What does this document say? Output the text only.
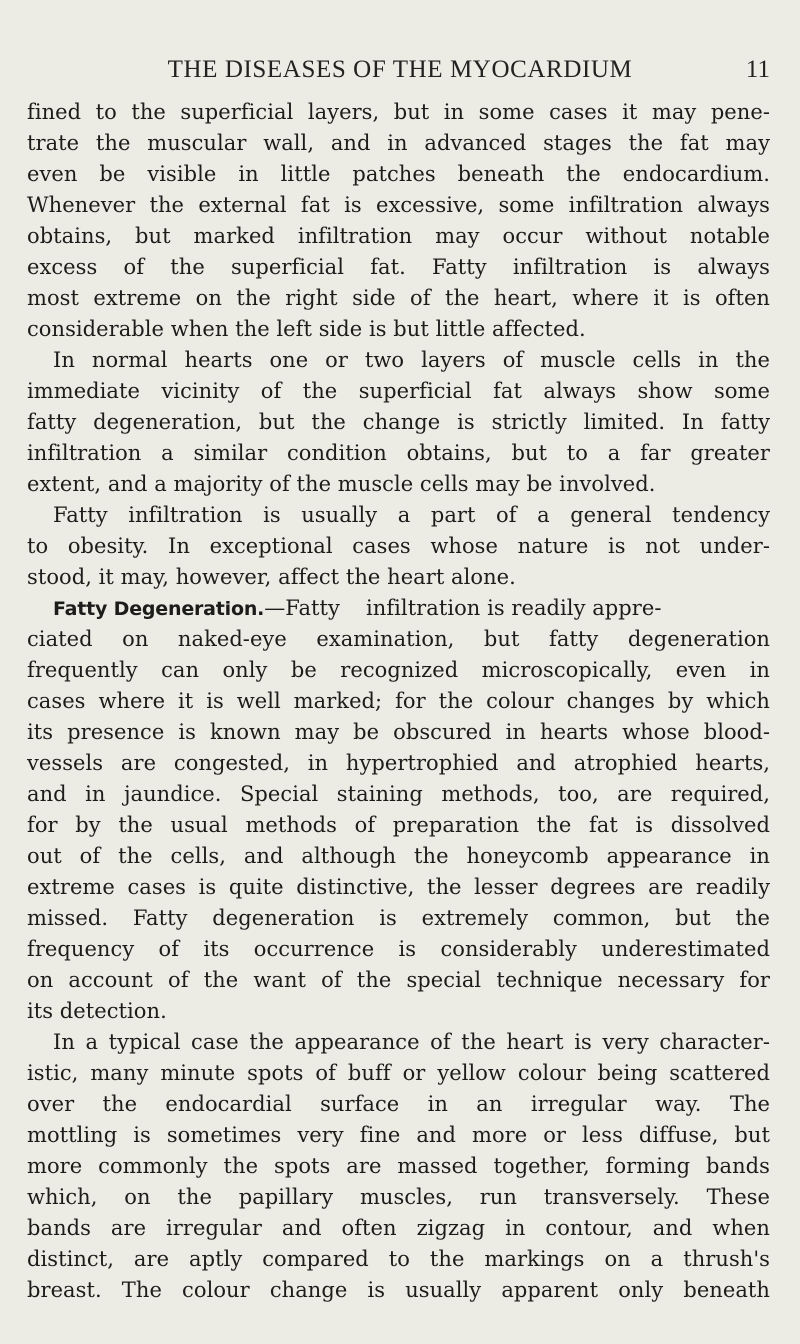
THE DISEASES OF THE MYOCARDIUM	11
fined to the superficial layers, but in some cases it may pene-
trate the muscular wall, and in advanced stages the fat may
even be visible in little patches beneath the endocardium.
Whenever the external fat is excessive, some infiltration always
obtains, but marked infiltration may occur without notable
excess of the superficial fat. Fatty infiltration is always
most extreme on the right side of the heart, where it is often
considerable when the left side is but little affected.
In normal hearts one or two layers of muscle cells in the
immediate vicinity of the superficial fat always show some
fatty degeneration, but the change is strictly limited. In fatty
infiltration a similar condition obtains, but to a far greater
extent, and a majority of the muscle cells may be involved.
Fatty infiltration is usually a part of a general tendency
to obesity. In exceptional cases whose nature is not under-
stood, it may, however, affect the heart alone.
Fatty Degeneration.—Fatty infiltration is readily appre-
ciated on naked-eye examination, but fatty degeneration
frequently can only be recognized microscopically, even in
cases where it is well marked; for the colour changes by which
its presence is known may be obscured in hearts whose blood-
vessels are congested, in hypertrophied and atrophied hearts,
and in jaundice. Special staining methods, too, are required,
for by the usual methods of preparation the fat is dissolved
out of the cells, and although the honeycomb appearance in
extreme cases is quite distinctive, the lesser degrees are readily
missed. Fatty degeneration is extremely common, but the
frequency of its occurrence is considerably underestimated
on account of the want of the special technique necessary for
its detection.
In a typical case the appearance of the heart is very character-
istic, many minute spots of buff or yellow colour being scattered
over the endocardial surface in an irregular way. The
mottling is sometimes very fine and more or less diffuse, but
more commonly the spots are massed together, forming bands
which, on the papillary muscles, run transversely. These
bands are irregular and often zigzag in contour, and when
distinct, are aptly compared to the markings on a thrush's
breast. The colour change is usually apparent only beneath
